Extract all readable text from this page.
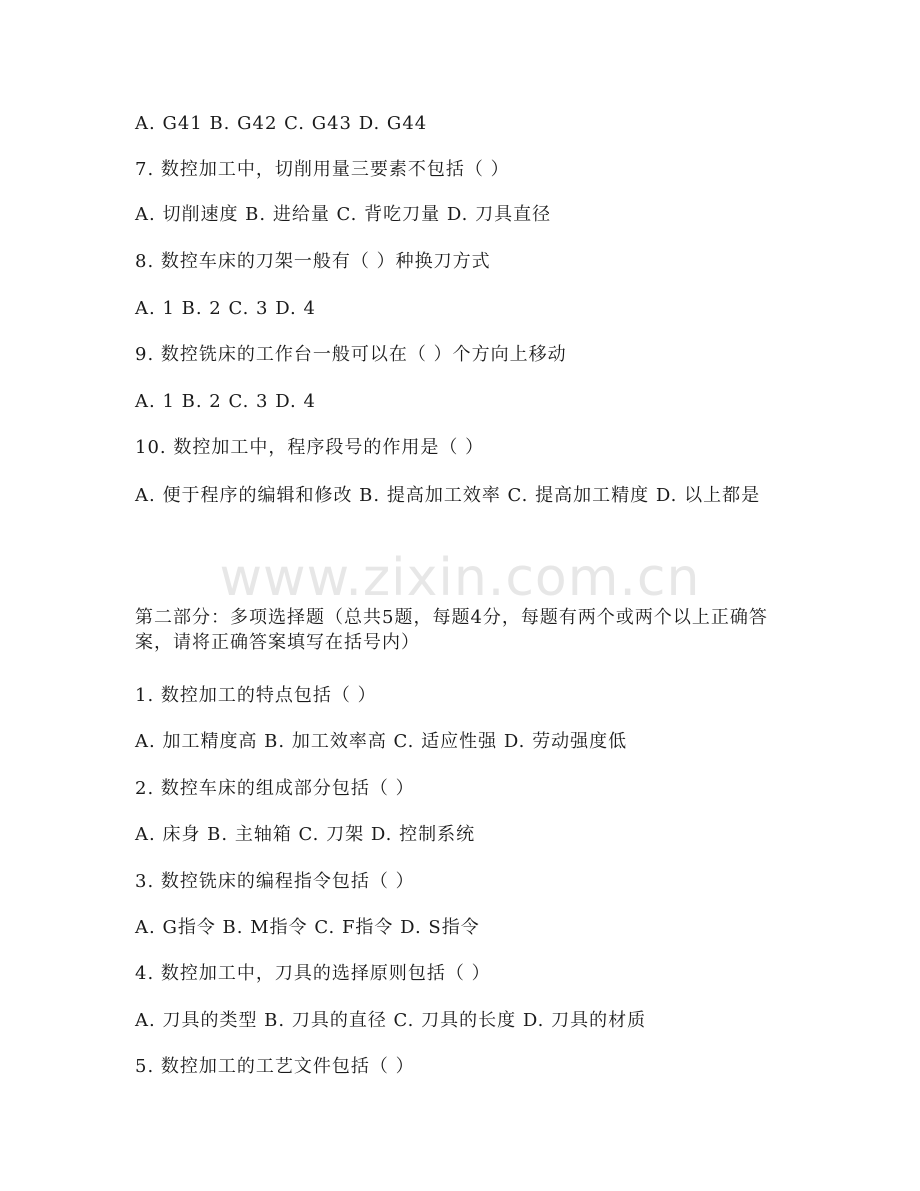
www.zixin.com.cn
A. G41 B. G42 C. G43 D. G44
7. 数控加工中，切削用量三要素不包括（ ）
A. 切削速度 B. 进给量 C. 背吃刀量 D. 刀具直径
8. 数控车床的刀架一般有（ ）种换刀方式
A. 1 B. 2 C. 3 D. 4
9. 数控铣床的工作台一般可以在（ ）个方向上移动
A. 1 B. 2 C. 3 D. 4
10. 数控加工中，程序段号的作用是（ ）
A. 便于程序的编辑和修改 B. 提高加工效率 C. 提高加工精度 D. 以上都是
第二部分：多项选择题（总共5题，每题4分，每题有两个或两个以上正确答案，请将正确答案填写在括号内）
1. 数控加工的特点包括（ ）
A. 加工精度高 B. 加工效率高 C. 适应性强 D. 劳动强度低
2. 数控车床的组成部分包括（ ）
A. 床身 B. 主轴箱 C. 刀架 D. 控制系统
3. 数控铣床的编程指令包括（ ）
A. G指令 B. M指令 C. F指令 D. S指令
4. 数控加工中，刀具的选择原则包括（ ）
A. 刀具的类型 B. 刀具的直径 C. 刀具的长度 D. 刀具的材质
5. 数控加工的工艺文件包括（ ）
